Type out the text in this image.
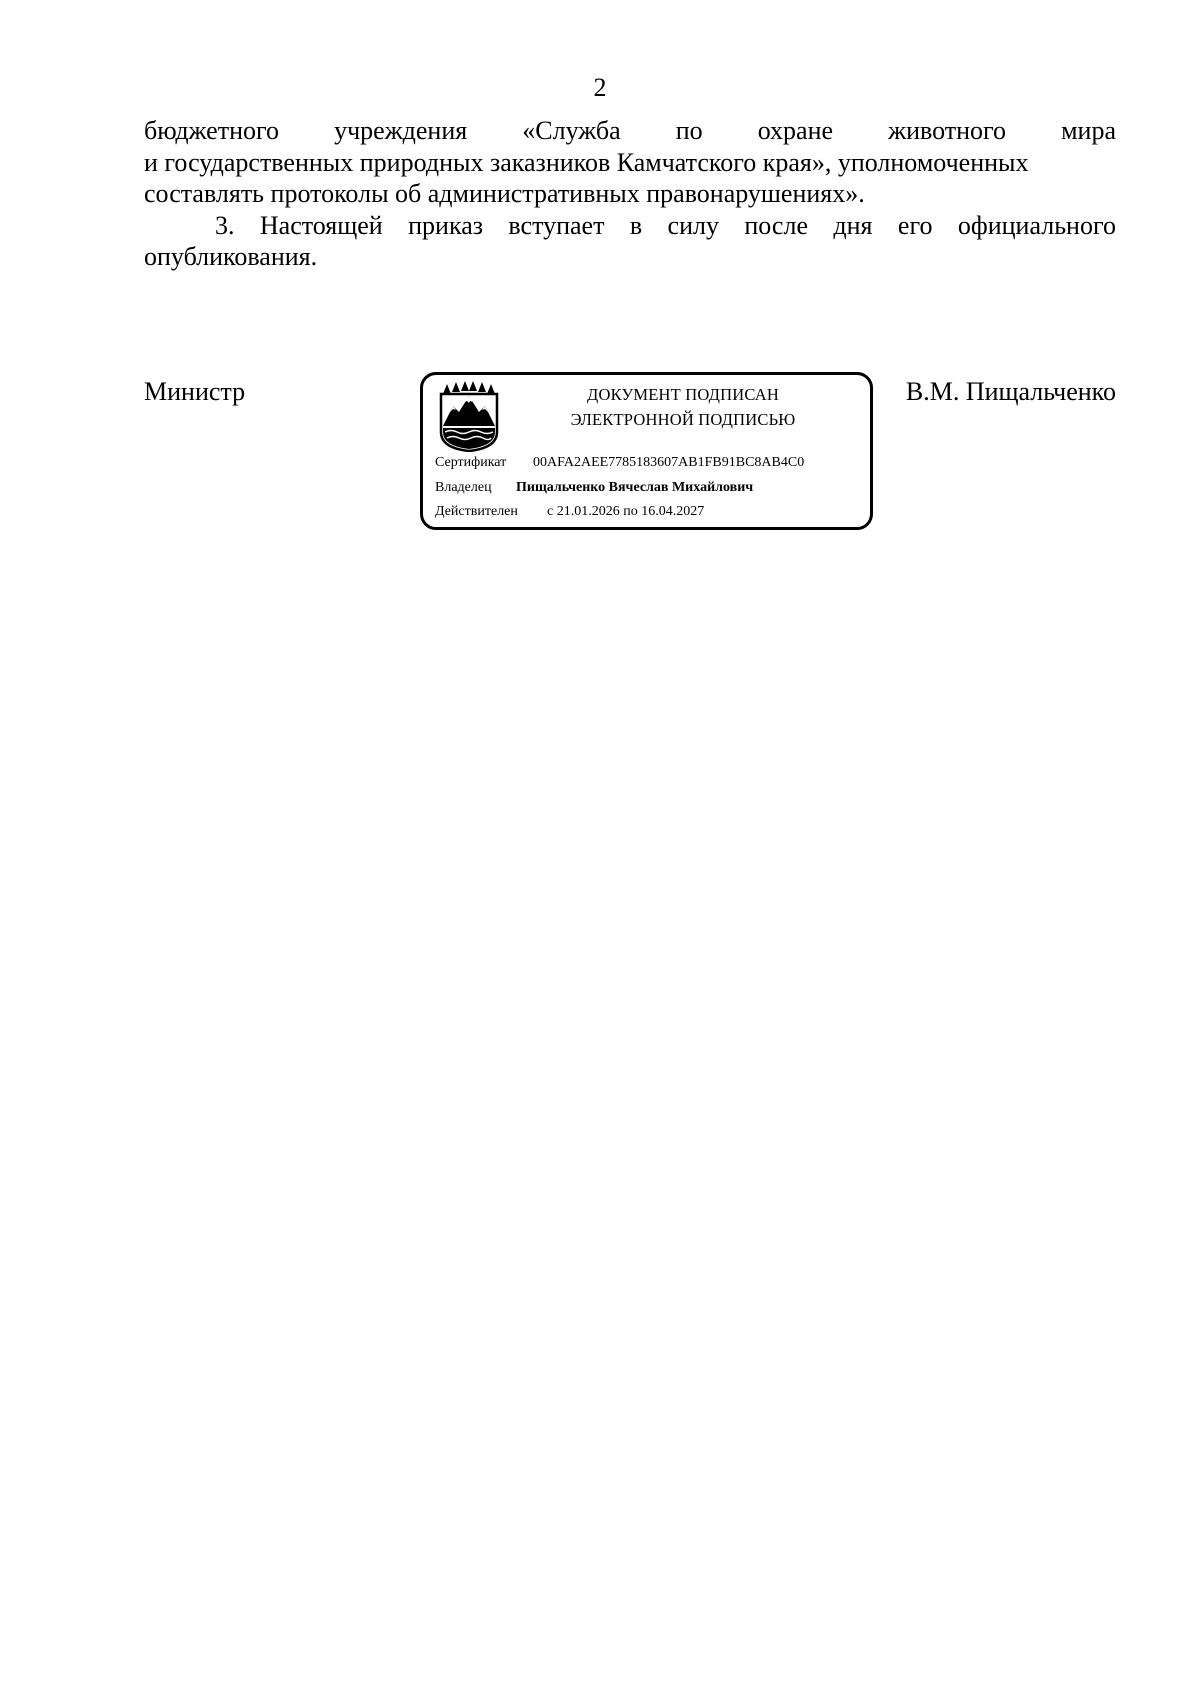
2

бюджетного учреждения «Служба по охране животного мира
и государственных природных заказников Камчатского края», уполномоченных
составлять протоколы об административных правонарушениях».

3. Настоящей приказ вступает в силу после дня его официального
опубликования.

Министр	В.М. Пищальченко
ДОКУМЕНТ ПОДПИСАН
ЭЛЕКТРОННОЙ ПОДПИСЬЮ
Сертификат 00AFA2AEE7785183607AB1FB91BC8AB4C0
Владелец Пищальченко Вячеслав Михайлович
Действителен с 21.01.2026 по 16.04.2027
